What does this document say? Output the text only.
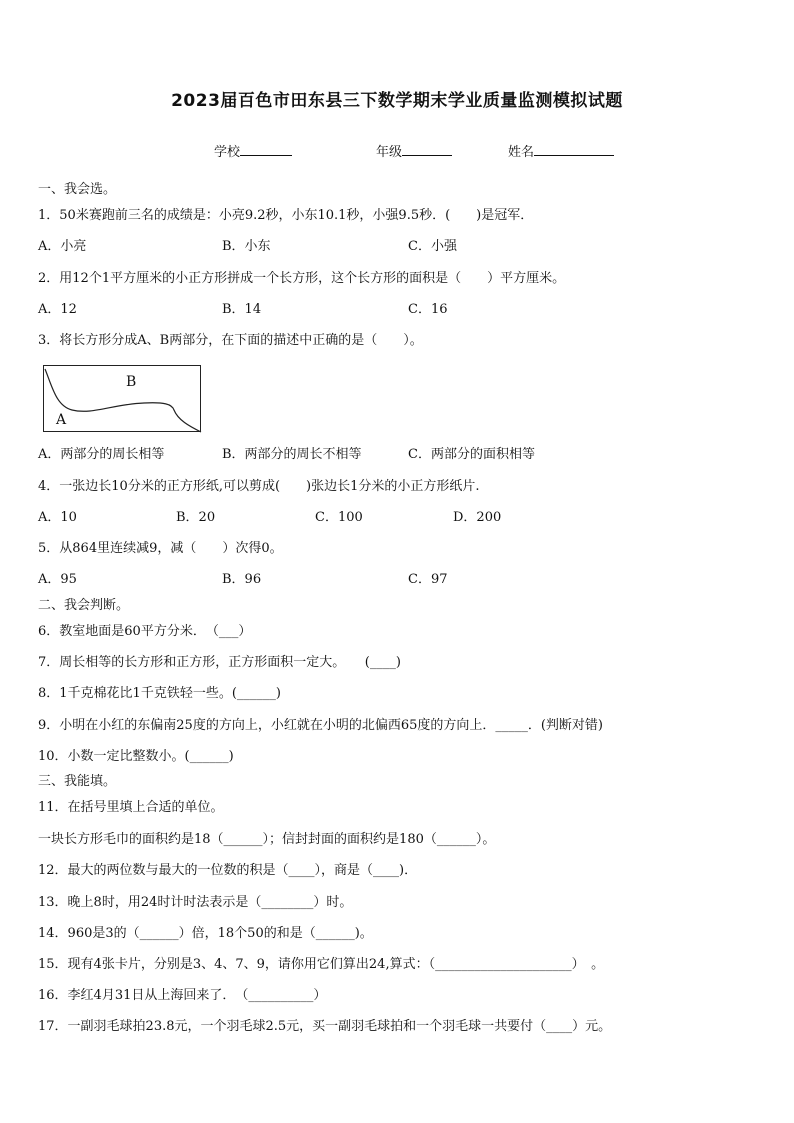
2023届百色市田东县三下数学期末学业质量监测模拟试题
学校	年级	姓名
一、我会选。
1．50米赛跑前三名的成绩是：小亮9.2秒，小东10.1秒，小强9.5秒．(　　)是冠军．
A．小亮	B．小东	C．小强
2．用12个1平方厘米的小正方形拼成一个长方形，这个长方形的面积是（　　）平方厘米。
A．12	B．14	C．16
3．将长方形分成A、B两部分，在下面的描述中正确的是（　　）。
B
A
A．两部分的周长相等	B．两部分的周长不相等	C．两部分的面积相等
4．一张边长10分米的正方形纸,可以剪成(　　)张边长1分米的小正方形纸片.
A．10	B．20	C．100	D．200
5．从864里连续减9，减（　　）次得0。
A．95	B．96	C．97
二、我会判断。
6．教室地面是60平方分米．　（___）
7．周长相等的长方形和正方形，正方形面积一定大。　　(____)
8．1千克棉花比1千克铁轻一些。(______)
9．小明在小红的东偏南25度的方向上，小红就在小明的北偏西65度的方向上．_____．(判断对错)
10．小数一定比整数小。(______)
三、我能填。
11．在括号里填上合适的单位。
一块长方形毛巾的面积约是18（______）；信封封面的面积约是180（______）。
12．最大的两位数与最大的一位数的积是（____），商是（____)．
13．晚上8时，用24时计时法表示是（________）时。
14．960是3的（______）倍，18个50的和是（______)。
15．现有4张卡片，分别是3、4、7、9，请你用它们算出24,算式：（_____________________）　。
16．李红4月31日从上海回来了．　（__________）
17．一副羽毛球拍23.8元，一个羽毛球2.5元，买一副羽毛球拍和一个羽毛球一共要付（____）元。
